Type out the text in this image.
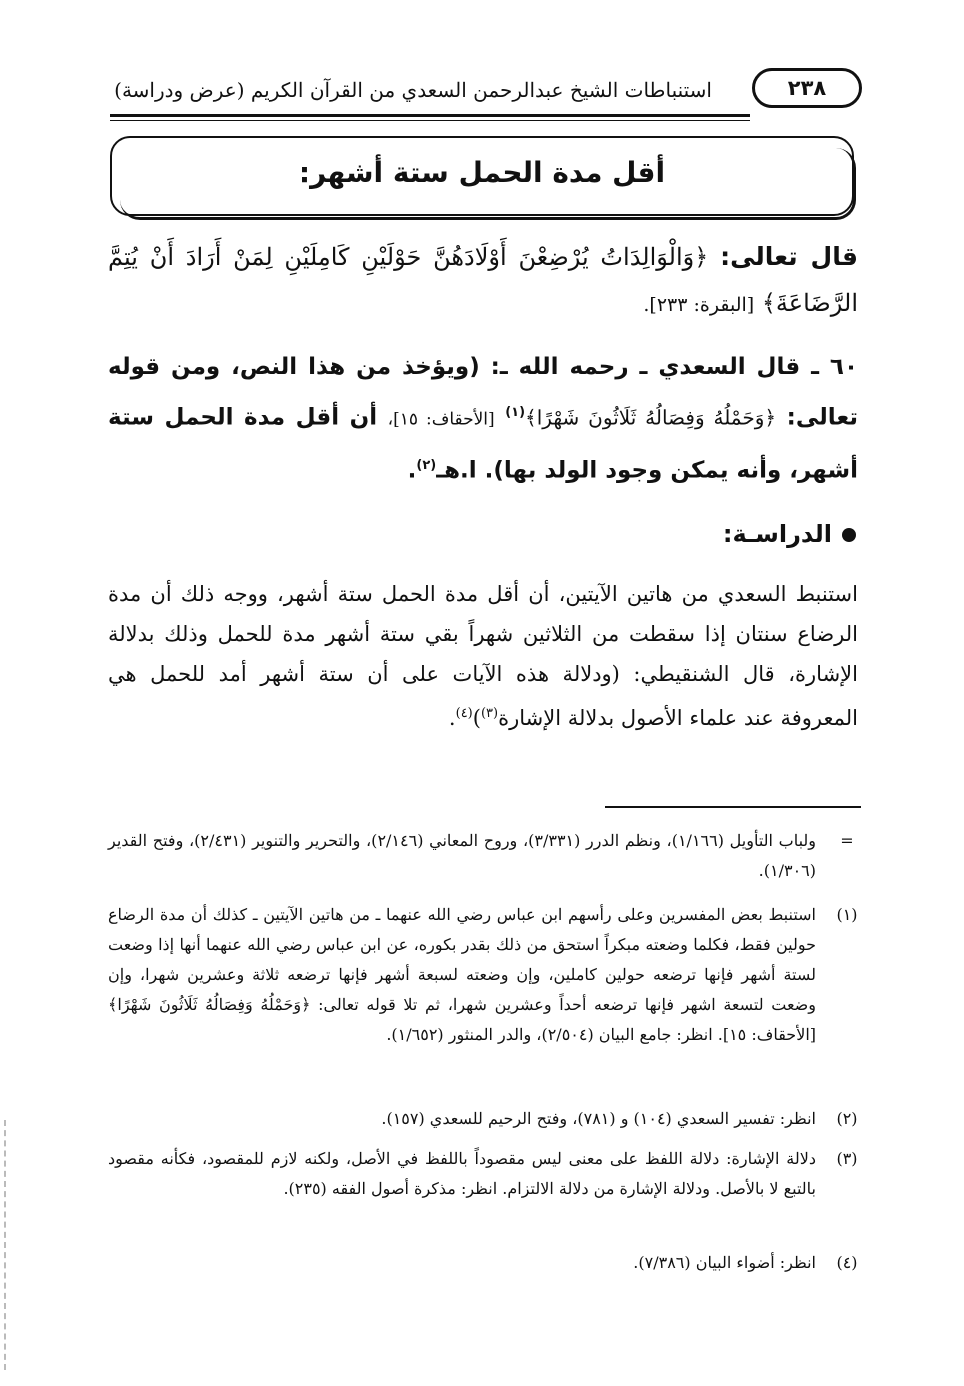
استنباطات الشيخ عبدالرحمن السعدي من القرآن الكريم (عرض ودراسة)	٢٣٨
أقل مدة الحمل ستة أشهر:
قال تعالى: ﴿وَالْوَالِدَاتُ يُرْضِعْنَ أَوْلَادَهُنَّ حَوْلَيْنِ كَامِلَيْنِ لِمَنْ أَرَادَ أَنْ يُتِمَّ الرَّضَاعَةَ﴾ [البقرة: ٢٣٣].
٦٠ ـ قال السعدي ـ رحمه الله ـ: (ويؤخذ من هذا النص، ومن قوله تعالى: ﴿وَحَمْلُهُ وَفِصَالُهُ ثَلَاثُونَ شَهْرًا﴾$^{(١)}$ [الأحقاف: ١٥]، أن أقل مدة الحمل ستة أشهر، وأنه يمكن وجود الولد بها). ا.هـ$^{(٢)}$.
الدراسـة:
استنبط السعدي من هاتين الآيتين، أن أقل مدة الحمل ستة أشهر، ووجه ذلك أن مدة الرضاع سنتان إذا سقطت من الثلاثين شهراً بقي ستة أشهر مدة للحمل وذلك بدلالة الإشارة، قال الشنقيطي: (ودلالة هذه الآيات على أن ستة أشهر أمد للحمل هي المعروفة عند علماء الأصول بدلالة الإشارة$^{(٣)}$)$^{(٤)}$.
=
ولباب التأويل (١/١٦٦)، ونظم الدرر (٣/٣٣١)، وروح المعاني (٢/١٤٦)، والتحرير والتنوير (٢/٤٣١)، وفتح القدير (١/٣٠٦).
(١)
استنبط بعض المفسرين وعلى رأسهم ابن عباس رضي الله عنهما ـ من هاتين الآيتين ـ كذلك أن مدة الرضاع حولين فقط، فكلما وضعته مبكراً استحق من ذلك بقدر بكوره، عن ابن عباس رضي الله عنهما أنها إذا وضعت لستة أشهر فإنها ترضعه حولين كاملين، وإن وضعته لسبعة أشهر فإنها ترضعه ثلاثة وعشرين شهرا، وإن وضعت لتسعة اشهر فإنها ترضعه أحداً وعشرين شهرا، ثم تلا قوله تعالى: ﴿وَحَمْلُهُ وَفِصَالُهُ ثَلَاثُونَ شَهْرًا﴾ [الأحقاف: ١٥]. انظر: جامع البيان (٢/٥٠٤)، والدر المنثور (١/٦٥٢).
(٢)
انظر: تفسير السعدي (١٠٤) و (٧٨١)، وفتح الرحيم للسعدي (١٥٧).
(٣)
دلالة الإشارة: دلالة اللفظ على معنى ليس مقصوداً باللفظ في الأصل، ولكنه لازم للمقصود، فكأنه مقصود بالتبع لا بالأصل. ودلالة الإشارة من دلالة الالتزام. انظر: مذكرة أصول الفقه (٢٣٥).
(٤)
انظر: أضواء البيان (٧/٣٨٦).
